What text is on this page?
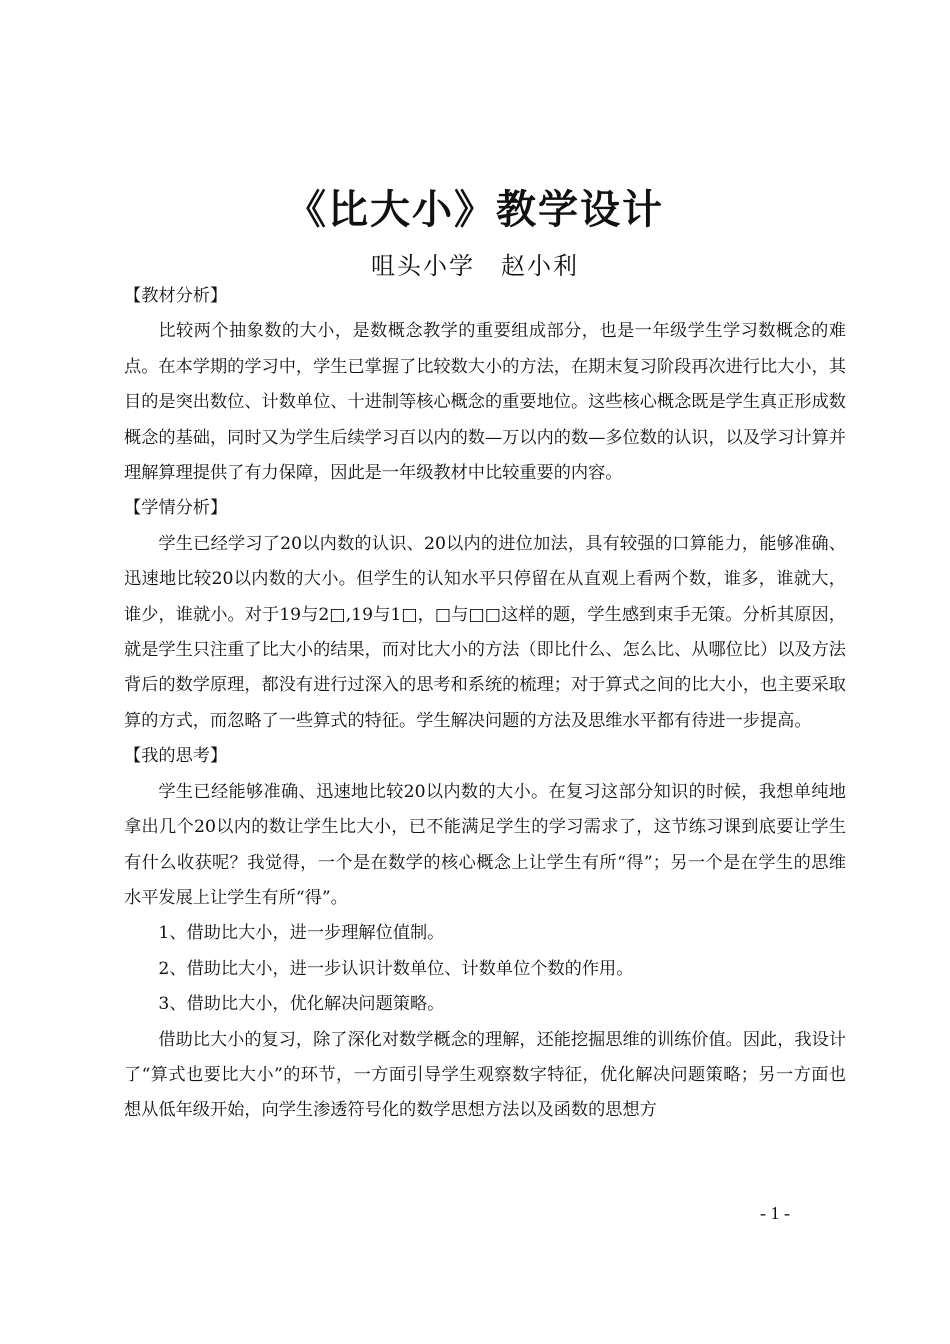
《比大小》教学设计
咀头小学　赵小利

【教材分析】

比较两个抽象数的大小，是数概念教学的重要组成部分，也是一年级学生学习数概念的难点。在本学期的学习中，学生已掌握了比较数大小的方法，在期末复习阶段再次进行比大小，其目的是突出数位、计数单位、十进制等核心概念的重要地位。这些核心概念既是学生真正形成数概念的基础，同时又为学生后续学习百以内的数—万以内的数—多位数的认识，以及学习计算并理解算理提供了有力保障，因此是一年级教材中比较重要的内容。

【学情分析】

学生已经学习了20以内数的认识、20以内的进位加法，具有较强的口算能力，能够准确、迅速地比较20以内数的大小。但学生的认知水平只停留在从直观上看两个数，谁多，谁就大，谁少，谁就小。对于19与2□,19与1□，□与□□这样的题，学生感到束手无策。分析其原因，就是学生只注重了比大小的结果，而对比大小的方法（即比什么、怎么比、从哪位比）以及方法背后的数学原理，都没有进行过深入的思考和系统的梳理；对于算式之间的比大小，也主要采取算的方式，而忽略了一些算式的特征。学生解决问题的方法及思维水平都有待进一步提高。

【我的思考】

学生已经能够准确、迅速地比较20以内数的大小。在复习这部分知识的时候，我想单纯地拿出几个20以内的数让学生比大小，已不能满足学生的学习需求了，这节练习课到底要让学生有什么收获呢？我觉得，一个是在数学的核心概念上让学生有所“得”；另一个是在学生的思维水平发展上让学生有所“得”。

1、借助比大小，进一步理解位值制。

2、借助比大小，进一步认识计数单位、计数单位个数的作用。

3、借助比大小，优化解决问题策略。

借助比大小的复习，除了深化对数学概念的理解，还能挖掘思维的训练价值。因此，我设计了“算式也要比大小”的环节，一方面引导学生观察数字特征，优化解决问题策略；另一方面也想从低年级开始，向学生渗透符号化的数学思想方法以及函数的思想方

- 1 -
